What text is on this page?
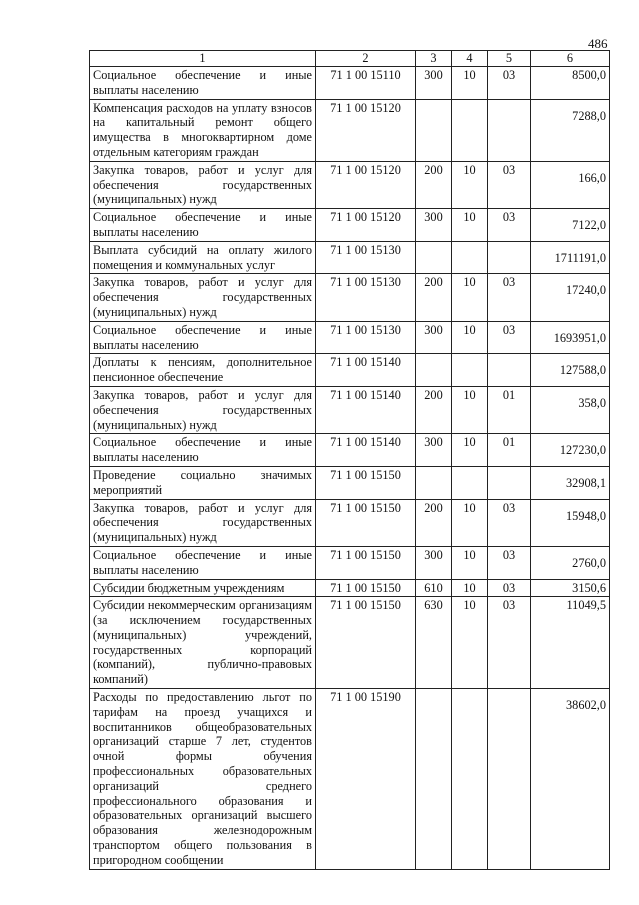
486
1	2	3	4	5	6
Социальное обеспечение и иные выплаты населению	71 1 00 15110	300	10	03	8500,0
Компенсация расходов на уплату взносов на капитальный ремонт общего имущества в многоквартирном доме отдельным категориям граждан	71 1 00 15120				7288,0
Закупка товаров, работ и услуг для обеспечения государственных (муниципальных) нужд	71 1 00 15120	200	10	03	166,0
Социальное обеспечение и иные выплаты населению	71 1 00 15120	300	10	03	7122,0
Выплата субсидий на оплату жилого помещения и коммунальных услуг	71 1 00 15130				1711191,0
Закупка товаров, работ и услуг для обеспечения государственных (муниципальных) нужд	71 1 00 15130	200	10	03	17240,0
Социальное обеспечение и иные выплаты населению	71 1 00 15130	300	10	03	1693951,0
Доплаты к пенсиям, дополнительное пенсионное обеспечение	71 1 00 15140				127588,0
Закупка товаров, работ и услуг для обеспечения государственных (муниципальных) нужд	71 1 00 15140	200	10	01	358,0
Социальное обеспечение и иные выплаты населению	71 1 00 15140	300	10	01	127230,0
Проведение социально значимых мероприятий	71 1 00 15150				32908,1
Закупка товаров, работ и услуг для обеспечения государственных (муниципальных) нужд	71 1 00 15150	200	10	03	15948,0
Социальное обеспечение и иные выплаты населению	71 1 00 15150	300	10	03	2760,0
Субсидии бюджетным учреждениям	71 1 00 15150	610	10	03	3150,6
Субсидии некоммерческим организациям (за исключением государственных (муниципальных) учреждений, государственных корпораций (компаний), публично-правовых компаний)	71 1 00 15150	630	10	03	11049,5
Расходы по предоставлению льгот по тарифам на проезд учащихся и воспитанников общеобразовательных организаций старше 7 лет, студентов очной формы обучения профессиональных образовательных организаций среднего профессионального образования и образовательных организаций высшего образования железнодорожным транспортом общего пользования в пригородном сообщении	71 1 00 15190				38602,0
